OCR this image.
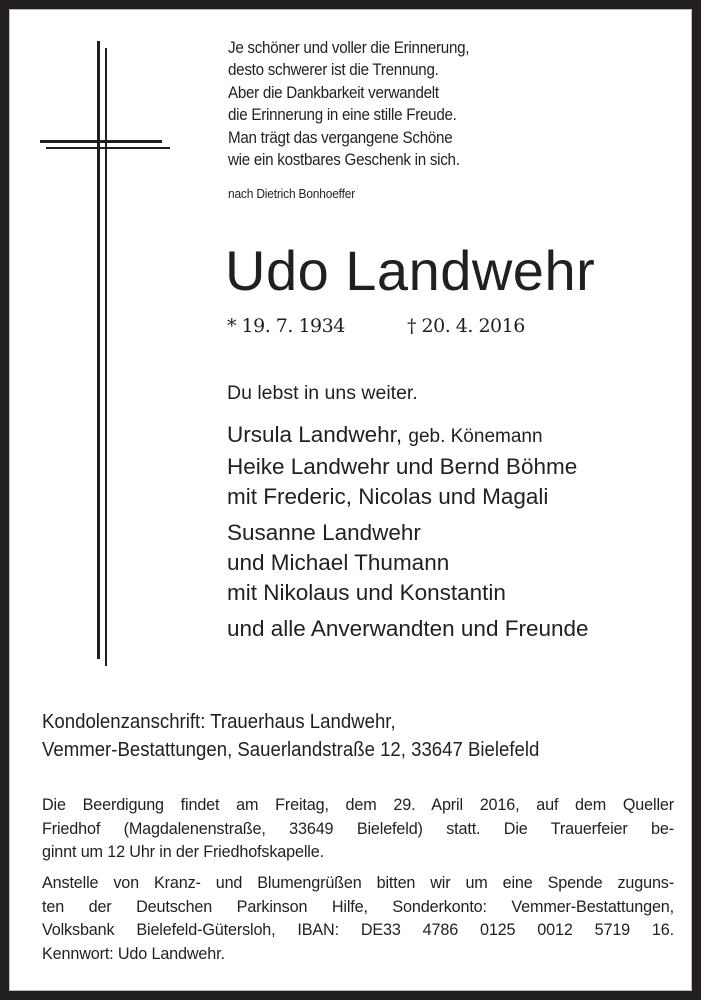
Je schöner und voller die Erinnerung,
desto schwerer ist die Trennung.
Aber die Dankbarkeit verwandelt
die Erinnerung in eine stille Freude.
Man trägt das vergangene Schöne
wie ein kostbares Geschenk in sich.
nach Dietrich Bonhoeffer
Udo Landwehr
* 19. 7. 1934	† 20. 4. 2016
Du lebst in uns weiter.
Ursula Landwehr, geb. Könemann
Heike Landwehr und Bernd Böhme
mit Frederic, Nicolas und Magali
Susanne Landwehr
und Michael Thumann
mit Nikolaus und Konstantin
und alle Anverwandten und Freunde
Kondolenzanschrift: Trauerhaus Landwehr,
Vemmer-Bestattungen, Sauerlandstraße 12, 33647 Bielefeld
Die Beerdigung findet am Freitag, dem 29. April 2016, auf dem Queller
Friedhof (Magdalenenstraße, 33649 Bielefeld) statt. Die Trauerfeier be-
ginnt um 12 Uhr in der Friedhofskapelle.
Anstelle von Kranz- und Blumengrüßen bitten wir um eine Spende zuguns-
ten der Deutschen Parkinson Hilfe, Sonderkonto: Vemmer-Bestattungen,
Volksbank Bielefeld-Gütersloh, IBAN: DE33 4786 0125 0012 5719 16.
Kennwort: Udo Landwehr.
